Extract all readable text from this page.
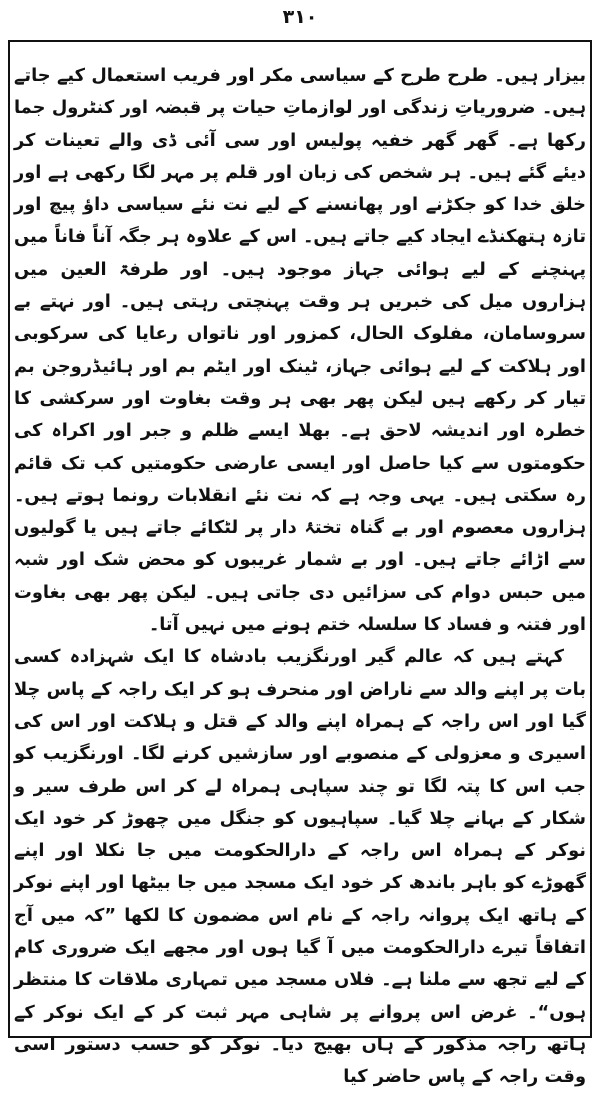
۳۱۰

بیزار ہیں۔ طرح طرح کے سیاسی مکر اور فریب استعمال کیے جاتے ہیں۔ ضروریاتِ زندگی اور لوازماتِ حیات پر قبضہ اور کنٹرول جما رکھا ہے۔ گھر گھر خفیہ پولیس اور سی آئی ڈی والے تعینات کر دیئے گئے ہیں۔ ہر شخص کی زبان اور قلم پر مہر لگا رکھی ہے اور خلق خدا کو جکڑنے اور پھانسنے کے لیے نت نئے سیاسی داؤ پیچ اور تازہ ہتھکنڈے ایجاد کیے جاتے ہیں۔ اس کے علاوہ ہر جگہ آناً فاناً میں پہنچنے کے لیے ہوائی جہاز موجود ہیں۔ اور طرفۃ العین میں ہزاروں میل کی خبریں ہر وقت پہنچتی رہتی ہیں۔ اور نہتے بے سروسامان، مفلوک الحال، کمزور اور ناتواں رعایا کی سرکوبی اور ہلاکت کے لیے ہوائی جہاز، ٹینک اور ایٹم بم اور ہائیڈروجن بم تیار کر رکھے ہیں لیکن پھر بھی ہر وقت بغاوت اور سرکشی کا خطرہ اور اندیشہ لاحق ہے۔ بھلا ایسے ظلم و جبر اور اکراہ کی حکومتوں سے کیا حاصل اور ایسی عارضی حکومتیں کب تک قائم رہ سکتی ہیں۔ یہی وجہ ہے کہ نت نئے انقلابات رونما ہوتے ہیں۔ ہزاروں معصوم اور بے گناہ تختۂ دار پر لٹکائے جاتے ہیں یا گولیوں سے اڑائے جاتے ہیں۔ اور بے شمار غریبوں کو محض شک اور شبہ میں حبس دوام کی سزائیں دی جاتی ہیں۔ لیکن پھر بھی بغاوت اور فتنہ و فساد کا سلسلہ ختم ہونے میں نہیں آتا۔

کہتے ہیں کہ عالم گیر اورنگزیب بادشاہ کا ایک شہزادہ کسی بات پر اپنے والد سے ناراض اور منحرف ہو کر ایک راجہ کے پاس چلا گیا اور اس راجہ کے ہمراہ اپنے والد کے قتل و ہلاکت اور اس کی اسیری و معزولی کے منصوبے اور سازشیں کرنے لگا۔ اورنگزیب کو جب اس کا پتہ لگا تو چند سپاہی ہمراہ لے کر اس طرف سیر و شکار کے بہانے چلا گیا۔ سپاہیوں کو جنگل میں چھوڑ کر خود ایک نوکر کے ہمراہ اس راجہ کے دارالحکومت میں جا نکلا اور اپنے گھوڑے کو باہر باندھ کر خود ایک مسجد میں جا بیٹھا اور اپنے نوکر کے ہاتھ ایک پروانہ راجہ کے نام اس مضمون کا لکھا ”کہ میں آج اتفاقاً تیرے دارالحکومت میں آ گیا ہوں اور مجھے ایک ضروری کام کے لیے تجھ سے ملنا ہے۔ فلاں مسجد میں تمہاری ملاقات کا منتظر ہوں“۔ غرض اس پروانے پر شاہی مہر ثبت کر کے ایک نوکر کے ہاتھ راجہ مذکور کے ہاں بھیج دیا۔ نوکر کو حسب دستور اسی وقت راجہ کے پاس حاضر کیا
